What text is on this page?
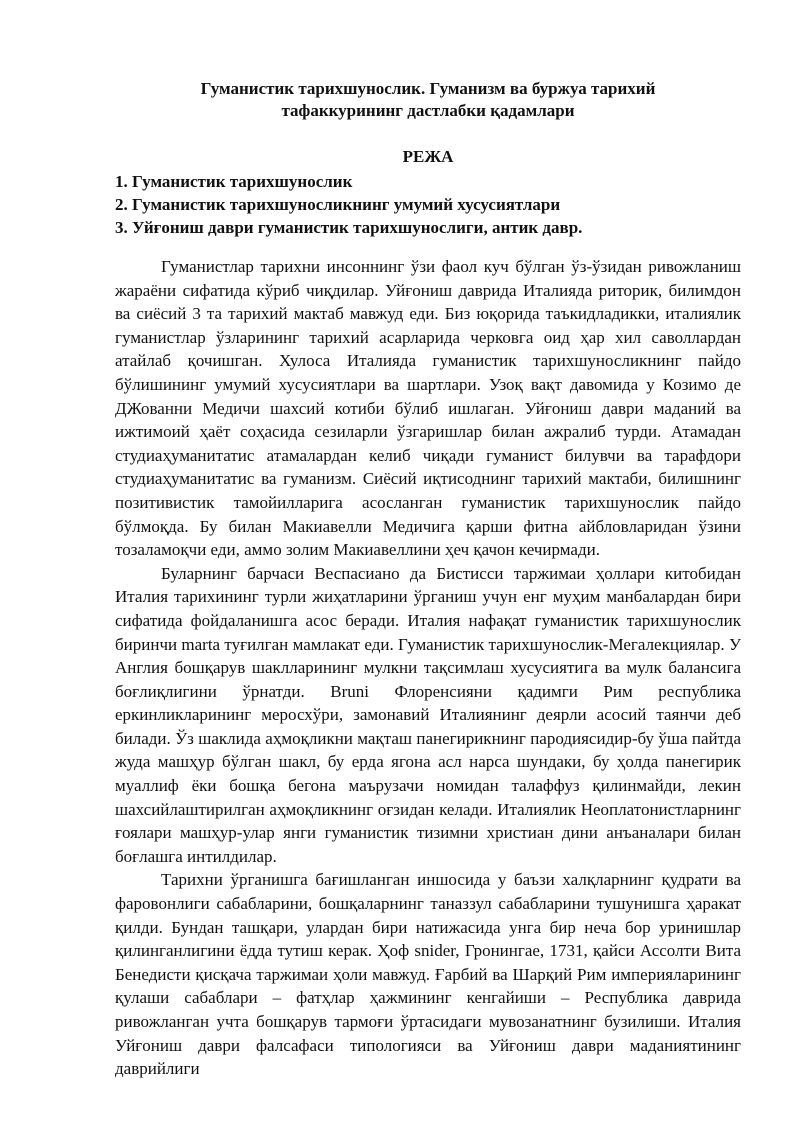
Гуманистик тарихшунослик. Гуманизм ва буржуа тарихий
тафаккурининг дастлабки қадамлари
РЕЖА
1. Гуманистик тарихшунослик
2. Гуманистик тарихшуносликнинг умумий хусусиятлари
3. Уйғониш даври гуманистик тарихшунослиги, антик давр.

Гуманистлар тарихни инсоннинг ўзи фаол куч бўлган ўз-ўзидан ривожланиш жараёни сифатида кўриб чиқдилар. Уйғониш даврида Италияда риторик, билимдон ва сиёсий 3 та тарихий мактаб мавжуд еди. Биз юқорида таъкидладикки, италиялик гуманистлар ўзларининг тарихий асарларида черковга оид ҳар хил саволлардан атайлаб қочишган. Хулоса Италияда гуманистик тарихшуносликнинг пайдо бўлишининг умумий хусусиятлари ва шартлари. Узоқ вақт давомида у Козимо де ДЖованни Медичи шахсий котиби бўлиб ишлаган. Уйғониш даври маданий ва ижтимоий ҳаёт соҳасида сезиларли ўзгаришлар билан ажралиб турди. Атамадан студиаҳуманитатис атамалардан келиб чиқади гуманист билувчи ва тарафдори студиаҳуманитатис ва гуманизм. Сиёсий иқтисоднинг тарихий мактаби, билишнинг позитивистик тамойилларига асосланган гуманистик тарихшунослик пайдо бўлмоқда. Бу билан Макиавелли Медичига қарши фитна айбловларидан ўзини тозаламоқчи еди, аммо золим Макиавеллини ҳеч қачон кечирмади.

Буларнинг барчаси Веспасиано да Бистисси таржимаи ҳоллари китобидан Италия тарихининг турли жиҳатларини ўрганиш учун енг муҳим манбалардан бири сифатида фойдаланишга асос беради. Италия нафақат гуманистик тарихшунослик биринчи marta туғилган мамлакат еди. Гуманистик тарихшунослик-Мегалекциялар. У Англия бошқарув шаклларининг мулкни тақсимлаш хусусиятига ва мулк балансига боғлиқлигини ўрнатди. Bruni Флоренсияни қадимги Рим республика еркинликларининг меросхўри, замонавий Италиянинг деярли асосий таянчи деб билади. Ўз шаклида аҳмоқликни мақташ панегирикнинг пародиясидир-бу ўша пайтда жуда машҳур бўлган шакл, бу ерда ягона асл нарса шундаки, бу ҳолда панегирик муаллиф ёки бошқа бегона маърузачи номидан талаффуз қилинмайди, лекин шахсийлаштирилган аҳмоқликнинг оғзидан келади. Италиялик Неоплатонистларнинг ғоялари машҳур-улар янги гуманистик тизимни христиан дини анъаналари билан боғлашга интилдилар.

Тарихни ўрганишга бағишланган иншосида у баъзи халқларнинг қудрати ва фаровонлиги сабабларини, бошқаларнинг таназзул сабабларини тушунишга ҳаракат қилди. Бундан ташқари, улардан бири натижасида унга бир неча бор уринишлар қилинганлигини ёдда тутиш керак. Ҳоф snider, Гронингае, 1731, қайси Ассолти Вита Бенедисти қисқача таржимаи ҳоли мавжуд. Ғарбий ва Шарқий Рим империяларининг қулаши сабаблари – фатҳлар ҳажмининг кенгайиши – Республика даврида ривожланган учта бошқарув тармоғи ўртасидаги мувозанатнинг бузилиши. Италия Уйғониш даври фалсафаси типологияси ва Уйғониш даври маданиятининг даврийлиги
